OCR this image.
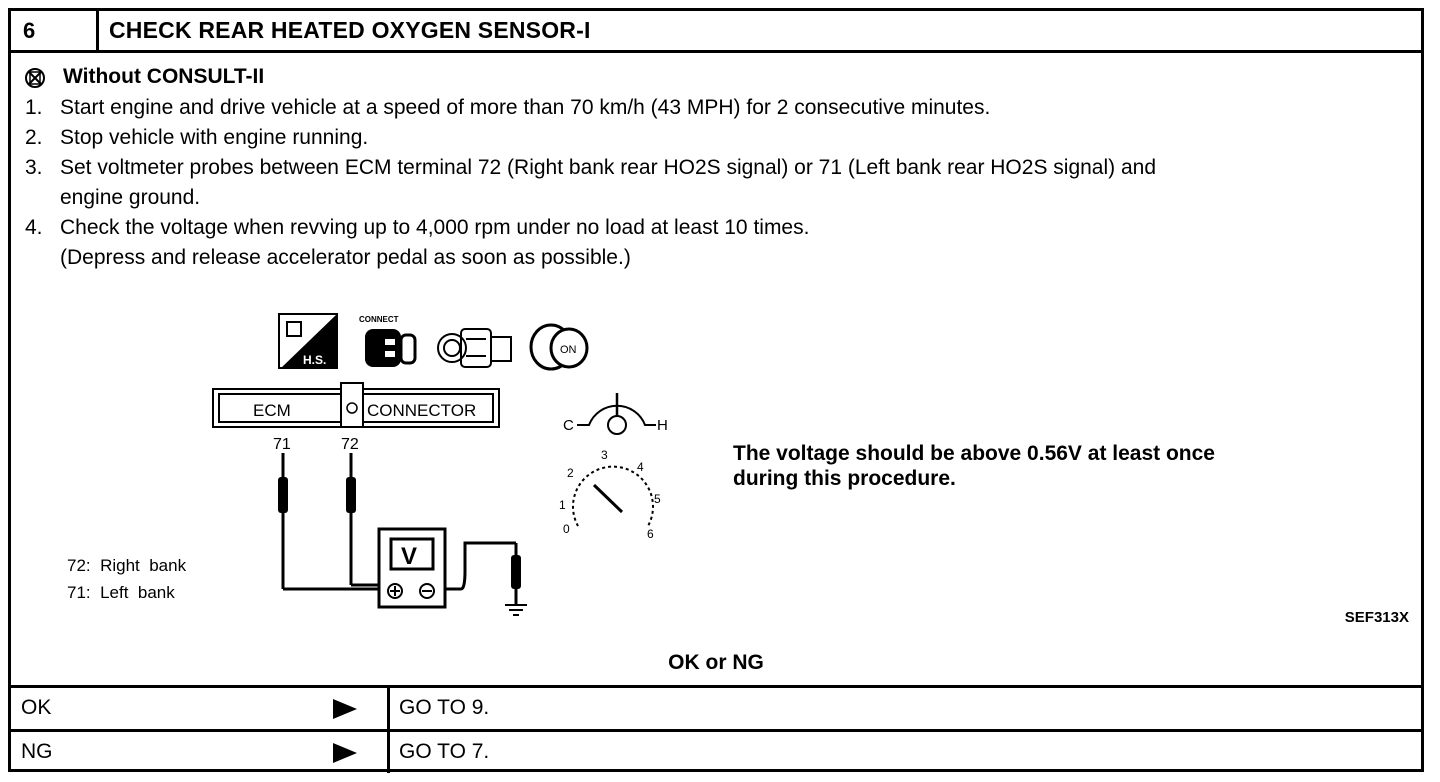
6	CHECK REAR HEATED OXYGEN SENSOR-I
Without CONSULT-II
1. Start engine and drive vehicle at a speed of more than 70 km/h (43 MPH) for 2 consecutive minutes.
2. Stop vehicle with engine running.
3. Set voltmeter probes between ECM terminal 72 (Right bank rear HO2S signal) or 71 (Left bank rear HO2S signal) and
engine ground.
4. Check the voltage when revving up to 4,000 rpm under no load at least 10 times.
(Depress and release accelerator pedal as soon as possible.)
H.S.
CONNECT
ON
ECM	CONNECTOR
71	72
V
C	H
0
1
2
3
4
5
6
72:  Right  bank
71:  Left  bank
The voltage should be above 0.56V at least once
during this procedure.
SEF313X
OK or NG
OK	GO TO 9.
NG	GO TO 7.
